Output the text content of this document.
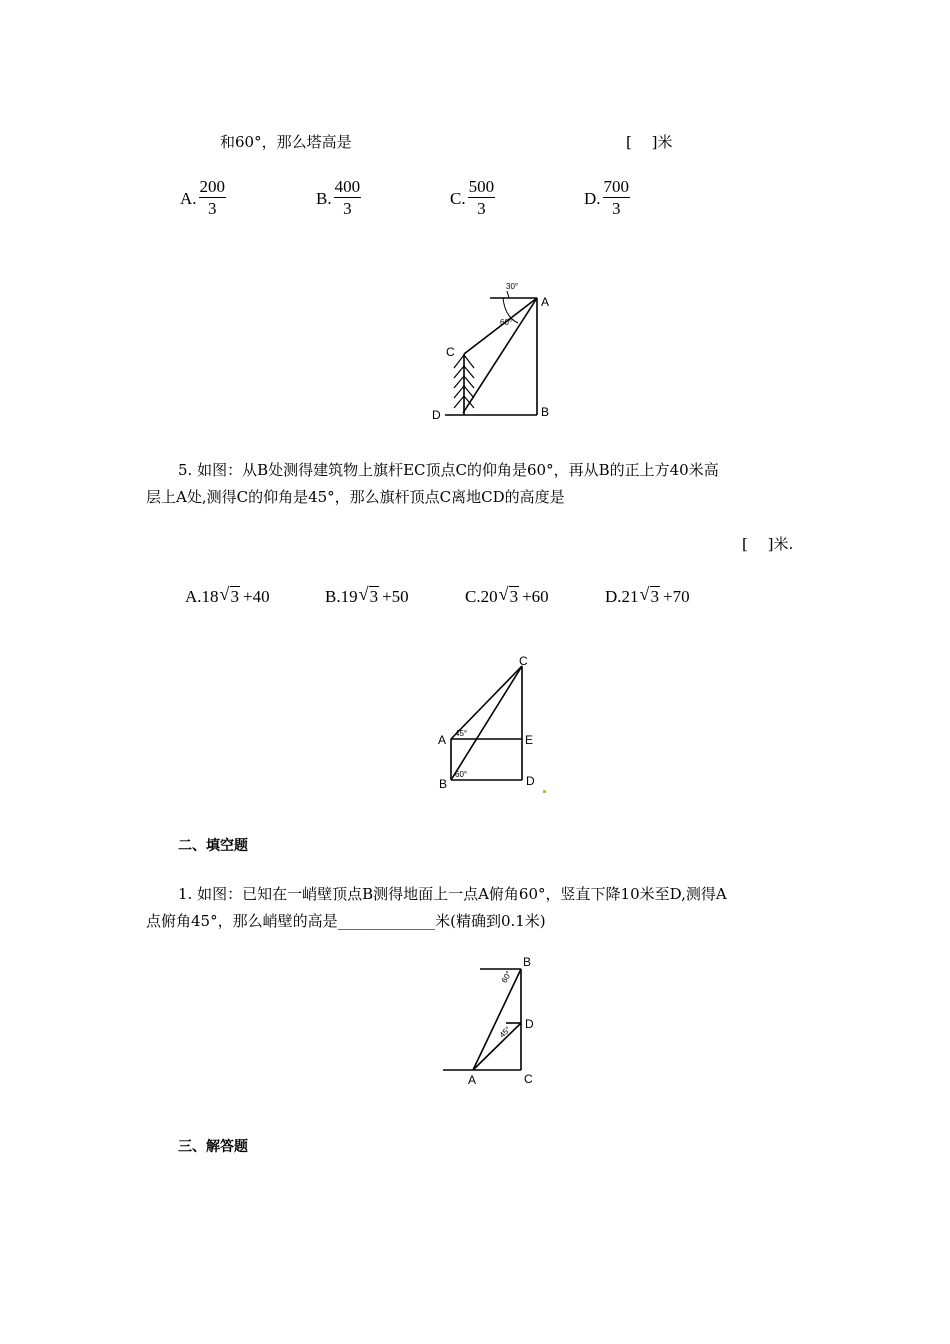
和60°，那么塔高是	[　 ]米
A. $\frac{200}{3}$	B. $\frac{400}{3}$	C. $\frac{500}{3}$	D. $\frac{700}{3}$
30°
60°
A
B
C
D
5. 如图：从B处测得建筑物上旗杆EC顶点C的仰角是60°，再从B的正上方40米高
层上A处,测得C的仰角是45°，那么旗杆顶点C离地CD的高度是
[　 ]米.
A. 18 √ 3 +40	B. 19 √ 3 +50	C. 20 √ 3 +60	D. 21 √ 3 +70
45°
60°
A
B
C
D
E
二、填空题
1. 如图：已知在一峭壁顶点B测得地面上一点A俯角60°，竖直下降10米至D,测得A
点俯角45°，那么峭壁的高是_____________米(精确到0.1米)
60°
45°
A
B
C
D
三、解答题
